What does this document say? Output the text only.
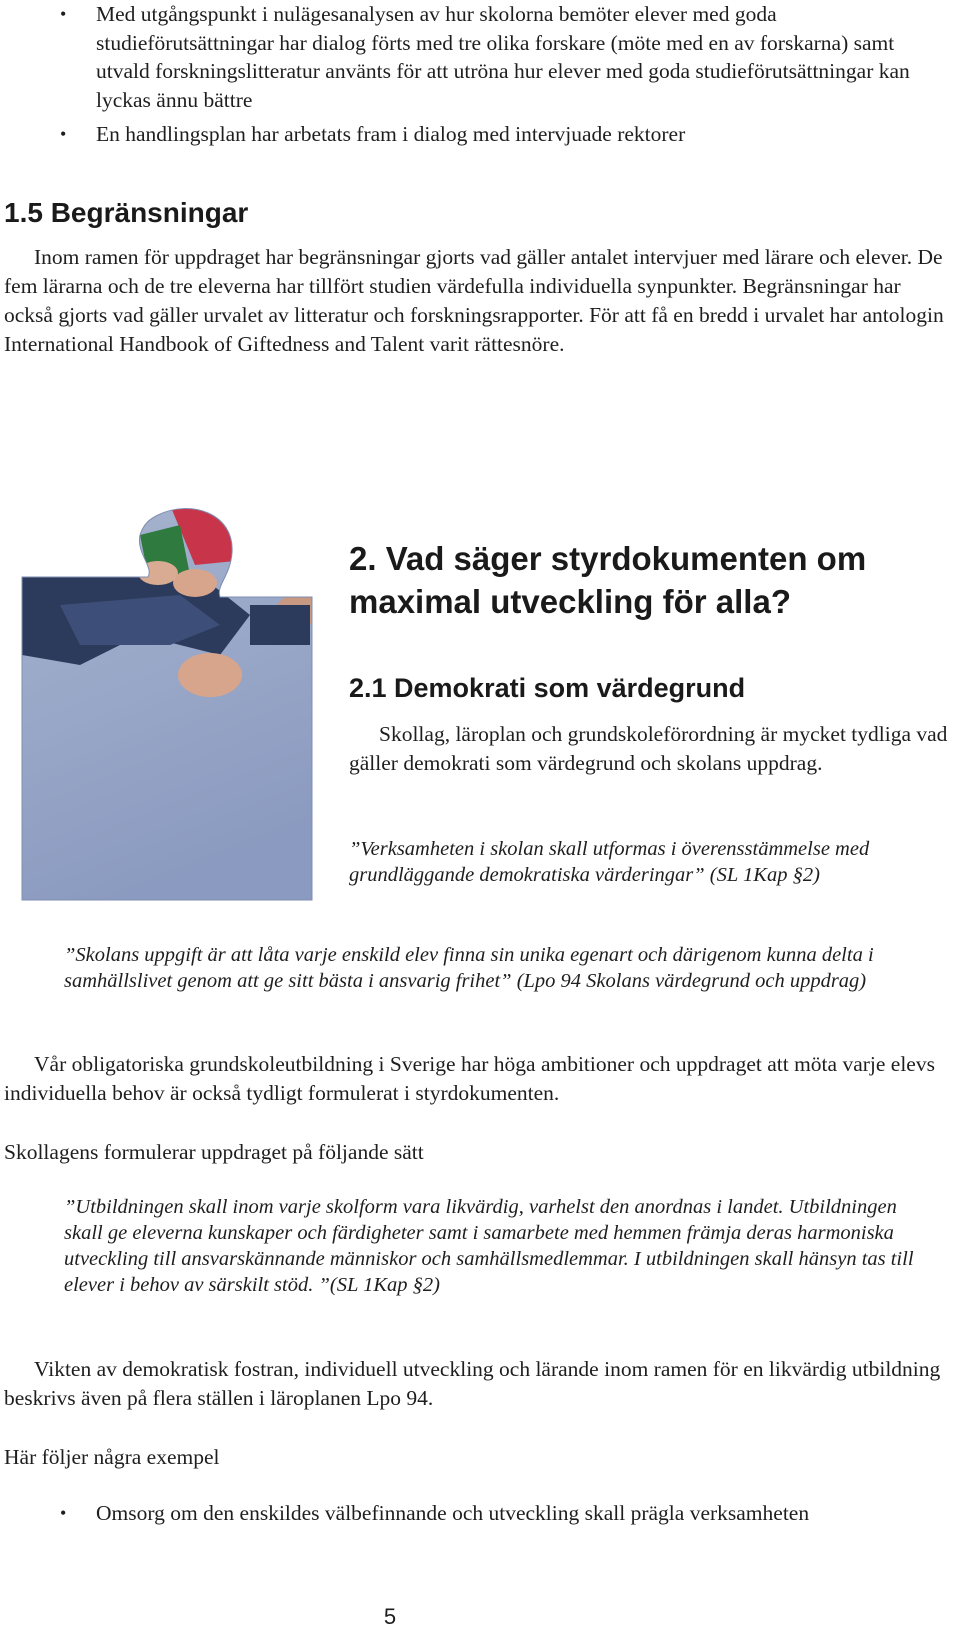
• Med utgångspunkt i nulägesanalysen av hur skolorna bemöter elever med goda studieförutsättningar har dialog förts med tre olika forskare (möte med en av forskarna) samt utvald forskningslitteratur använts för att utröna hur elever med goda studieförutsättningar kan lyckas ännu bättre
• En handlingsplan har arbetats fram i dialog med intervjuade rektorer
1.5 Begränsningar

Inom ramen för uppdraget har begränsningar gjorts vad gäller antalet intervjuer med lärare och elever. De fem lärarna och de tre eleverna har tillfört studien värdefulla individuella synpunkter. Begränsningar har också gjorts vad gäller urvalet av litteratur och forskningsrapporter. För att få en bredd i urvalet har antologin International Handbook of Giftedness and Talent varit rättesnöre.

2. Vad säger styrdokumenten om

maximal utveckling för alla?

2.1 Demokrati som värdegrund

Skollag, läroplan och grundskoleförordning är mycket tydliga vad gäller demokrati som värdegrund och skolans uppdrag.

”Verksamheten i skolan skall utformas i överensstämmelse med grundläggande demokratiska värderingar” (SL 1Kap §2)

”Skolans uppgift är att låta varje enskild elev finna sin unika egenart och därigenom kunna delta i samhällslivet genom att ge sitt bästa i ansvarig frihet” (Lpo 94 Skolans värdegrund och uppdrag)

Vår obligatoriska grundskoleutbildning i Sverige har höga ambitioner och uppdraget att möta varje elevs individuella behov är också tydligt formulerat i styrdokumenten.

Skollagens formulerar uppdraget på följande sätt

”Utbildningen skall inom varje skolform vara likvärdig, varhelst den anordnas i landet. Utbildningen skall ge eleverna kunskaper och färdigheter samt i samarbete med hemmen främja deras harmoniska utveckling till ansvarskännande människor och samhällsmedlemmar. I utbildningen skall hänsyn tas till elever i behov av särskilt stöd. ”(SL 1Kap §2)

Vikten av demokratisk fostran, individuell utveckling och lärande inom ramen för en likvärdig utbildning beskrivs även på flera ställen i läroplanen Lpo 94.

Här följer några exempel

• Omsorg om den enskildes välbefinnande och utveckling skall prägla verksamheten
5
